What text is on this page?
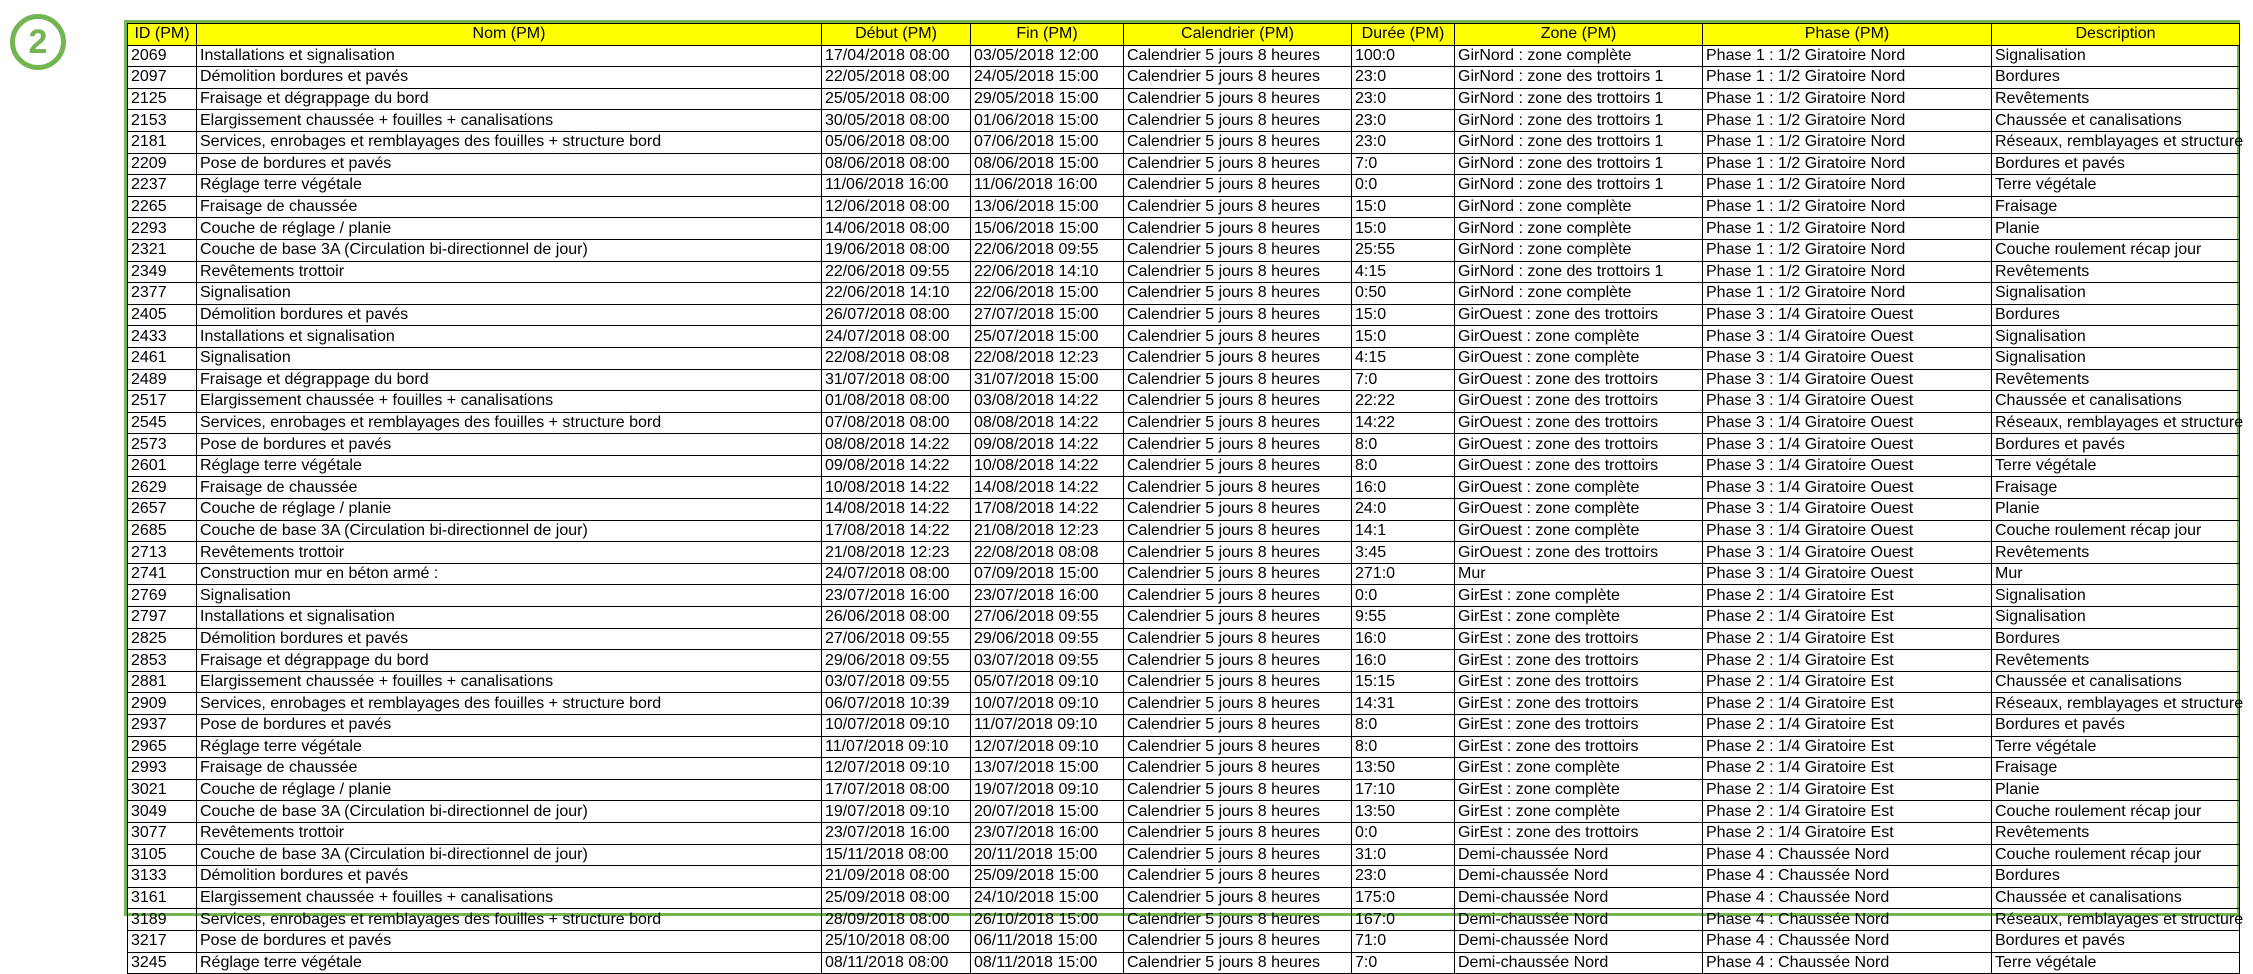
2	ID (PM)	Nom (PM)	Début (PM)	Fin (PM)	Calendrier (PM)	Durée (PM)	Zone (PM)	Phase (PM)	Description
2069	Installations et signalisation	17/04/2018 08:00	03/05/2018 12:00	Calendrier 5 jours 8 heures	100:0	GirNord : zone complète	Phase 1 : 1/2 Giratoire Nord	Signalisation
2097	Démolition bordures et pavés	22/05/2018 08:00	24/05/2018 15:00	Calendrier 5 jours 8 heures	23:0	GirNord : zone des trottoirs 1	Phase 1 : 1/2 Giratoire Nord	Bordures
2125	Fraisage et dégrappage du bord	25/05/2018 08:00	29/05/2018 15:00	Calendrier 5 jours 8 heures	23:0	GirNord : zone des trottoirs 1	Phase 1 : 1/2 Giratoire Nord	Revêtements
2153	Elargissement chaussée + fouilles + canalisations	30/05/2018 08:00	01/06/2018 15:00	Calendrier 5 jours 8 heures	23:0	GirNord : zone des trottoirs 1	Phase 1 : 1/2 Giratoire Nord	Chaussée et canalisations
2181	Services, enrobages et remblayages des fouilles + structure bord	05/06/2018 08:00	07/06/2018 15:00	Calendrier 5 jours 8 heures	23:0	GirNord : zone des trottoirs 1	Phase 1 : 1/2 Giratoire Nord	Réseaux, remblayages et structure
2209	Pose de bordures et pavés	08/06/2018 08:00	08/06/2018 15:00	Calendrier 5 jours 8 heures	7:0	GirNord : zone des trottoirs 1	Phase 1 : 1/2 Giratoire Nord	Bordures et pavés
2237	Réglage terre végétale	11/06/2018 16:00	11/06/2018 16:00	Calendrier 5 jours 8 heures	0:0	GirNord : zone des trottoirs 1	Phase 1 : 1/2 Giratoire Nord	Terre végétale
2265	Fraisage de chaussée	12/06/2018 08:00	13/06/2018 15:00	Calendrier 5 jours 8 heures	15:0	GirNord : zone complète	Phase 1 : 1/2 Giratoire Nord	Fraisage
2293	Couche de réglage / planie	14/06/2018 08:00	15/06/2018 15:00	Calendrier 5 jours 8 heures	15:0	GirNord : zone complète	Phase 1 : 1/2 Giratoire Nord	Planie
2321	Couche de base 3A (Circulation bi-directionnel de jour)	19/06/2018 08:00	22/06/2018 09:55	Calendrier 5 jours 8 heures	25:55	GirNord : zone complète	Phase 1 : 1/2 Giratoire Nord	Couche roulement récap jour
2349	Revêtements trottoir	22/06/2018 09:55	22/06/2018 14:10	Calendrier 5 jours 8 heures	4:15	GirNord : zone des trottoirs 1	Phase 1 : 1/2 Giratoire Nord	Revêtements
2377	Signalisation	22/06/2018 14:10	22/06/2018 15:00	Calendrier 5 jours 8 heures	0:50	GirNord : zone complète	Phase 1 : 1/2 Giratoire Nord	Signalisation
2405	Démolition bordures et pavés	26/07/2018 08:00	27/07/2018 15:00	Calendrier 5 jours 8 heures	15:0	GirOuest : zone des trottoirs	Phase 3 : 1/4 Giratoire Ouest	Bordures
2433	Installations et signalisation	24/07/2018 08:00	25/07/2018 15:00	Calendrier 5 jours 8 heures	15:0	GirOuest : zone complète	Phase 3 : 1/4 Giratoire Ouest	Signalisation
2461	Signalisation	22/08/2018 08:08	22/08/2018 12:23	Calendrier 5 jours 8 heures	4:15	GirOuest : zone complète	Phase 3 : 1/4 Giratoire Ouest	Signalisation
2489	Fraisage et dégrappage du bord	31/07/2018 08:00	31/07/2018 15:00	Calendrier 5 jours 8 heures	7:0	GirOuest : zone des trottoirs	Phase 3 : 1/4 Giratoire Ouest	Revêtements
2517	Elargissement chaussée + fouilles + canalisations	01/08/2018 08:00	03/08/2018 14:22	Calendrier 5 jours 8 heures	22:22	GirOuest : zone des trottoirs	Phase 3 : 1/4 Giratoire Ouest	Chaussée et canalisations
2545	Services, enrobages et remblayages des fouilles + structure bord	07/08/2018 08:00	08/08/2018 14:22	Calendrier 5 jours 8 heures	14:22	GirOuest : zone des trottoirs	Phase 3 : 1/4 Giratoire Ouest	Réseaux, remblayages et structure
2573	Pose de bordures et pavés	08/08/2018 14:22	09/08/2018 14:22	Calendrier 5 jours 8 heures	8:0	GirOuest : zone des trottoirs	Phase 3 : 1/4 Giratoire Ouest	Bordures et pavés
2601	Réglage terre végétale	09/08/2018 14:22	10/08/2018 14:22	Calendrier 5 jours 8 heures	8:0	GirOuest : zone des trottoirs	Phase 3 : 1/4 Giratoire Ouest	Terre végétale
2629	Fraisage de chaussée	10/08/2018 14:22	14/08/2018 14:22	Calendrier 5 jours 8 heures	16:0	GirOuest : zone complète	Phase 3 : 1/4 Giratoire Ouest	Fraisage
2657	Couche de réglage / planie	14/08/2018 14:22	17/08/2018 14:22	Calendrier 5 jours 8 heures	24:0	GirOuest : zone complète	Phase 3 : 1/4 Giratoire Ouest	Planie
2685	Couche de base 3A (Circulation bi-directionnel de jour)	17/08/2018 14:22	21/08/2018 12:23	Calendrier 5 jours 8 heures	14:1	GirOuest : zone complète	Phase 3 : 1/4 Giratoire Ouest	Couche roulement récap jour
2713	Revêtements trottoir	21/08/2018 12:23	22/08/2018 08:08	Calendrier 5 jours 8 heures	3:45	GirOuest : zone des trottoirs	Phase 3 : 1/4 Giratoire Ouest	Revêtements
2741	Construction mur en béton armé :	24/07/2018 08:00	07/09/2018 15:00	Calendrier 5 jours 8 heures	271:0	Mur	Phase 3 : 1/4 Giratoire Ouest	Mur
2769	Signalisation	23/07/2018 16:00	23/07/2018 16:00	Calendrier 5 jours 8 heures	0:0	GirEst : zone complète	Phase 2 : 1/4 Giratoire Est	Signalisation
2797	Installations et signalisation	26/06/2018 08:00	27/06/2018 09:55	Calendrier 5 jours 8 heures	9:55	GirEst : zone complète	Phase 2 : 1/4 Giratoire Est	Signalisation
2825	Démolition bordures et pavés	27/06/2018 09:55	29/06/2018 09:55	Calendrier 5 jours 8 heures	16:0	GirEst : zone des trottoirs	Phase 2 : 1/4 Giratoire Est	Bordures
2853	Fraisage et dégrappage du bord	29/06/2018 09:55	03/07/2018 09:55	Calendrier 5 jours 8 heures	16:0	GirEst : zone des trottoirs	Phase 2 : 1/4 Giratoire Est	Revêtements
2881	Elargissement chaussée + fouilles + canalisations	03/07/2018 09:55	05/07/2018 09:10	Calendrier 5 jours 8 heures	15:15	GirEst : zone des trottoirs	Phase 2 : 1/4 Giratoire Est	Chaussée et canalisations
2909	Services, enrobages et remblayages des fouilles + structure bord	06/07/2018 10:39	10/07/2018 09:10	Calendrier 5 jours 8 heures	14:31	GirEst : zone des trottoirs	Phase 2 : 1/4 Giratoire Est	Réseaux, remblayages et structure
2937	Pose de bordures et pavés	10/07/2018 09:10	11/07/2018 09:10	Calendrier 5 jours 8 heures	8:0	GirEst : zone des trottoirs	Phase 2 : 1/4 Giratoire Est	Bordures et pavés
2965	Réglage terre végétale	11/07/2018 09:10	12/07/2018 09:10	Calendrier 5 jours 8 heures	8:0	GirEst : zone des trottoirs	Phase 2 : 1/4 Giratoire Est	Terre végétale
2993	Fraisage de chaussée	12/07/2018 09:10	13/07/2018 15:00	Calendrier 5 jours 8 heures	13:50	GirEst : zone complète	Phase 2 : 1/4 Giratoire Est	Fraisage
3021	Couche de réglage / planie	17/07/2018 08:00	19/07/2018 09:10	Calendrier 5 jours 8 heures	17:10	GirEst : zone complète	Phase 2 : 1/4 Giratoire Est	Planie
3049	Couche de base 3A (Circulation bi-directionnel de jour)	19/07/2018 09:10	20/07/2018 15:00	Calendrier 5 jours 8 heures	13:50	GirEst : zone complète	Phase 2 : 1/4 Giratoire Est	Couche roulement récap jour
3077	Revêtements trottoir	23/07/2018 16:00	23/07/2018 16:00	Calendrier 5 jours 8 heures	0:0	GirEst : zone des trottoirs	Phase 2 : 1/4 Giratoire Est	Revêtements
3105	Couche de base 3A (Circulation bi-directionnel de jour)	15/11/2018 08:00	20/11/2018 15:00	Calendrier 5 jours 8 heures	31:0	Demi-chaussée Nord	Phase 4 : Chaussée Nord	Couche roulement récap jour
3133	Démolition bordures et pavés	21/09/2018 08:00	25/09/2018 15:00	Calendrier 5 jours 8 heures	23:0	Demi-chaussée Nord	Phase 4 : Chaussée Nord	Bordures
3161	Elargissement chaussée + fouilles + canalisations	25/09/2018 08:00	24/10/2018 15:00	Calendrier 5 jours 8 heures	175:0	Demi-chaussée Nord	Phase 4 : Chaussée Nord	Chaussée et canalisations
3189	Services, enrobages et remblayages des fouilles + structure bord	28/09/2018 08:00	26/10/2018 15:00	Calendrier 5 jours 8 heures	167:0	Demi-chaussée Nord	Phase 4 : Chaussée Nord	Réseaux, remblayages et structure
3217	Pose de bordures et pavés	25/10/2018 08:00	06/11/2018 15:00	Calendrier 5 jours 8 heures	71:0	Demi-chaussée Nord	Phase 4 : Chaussée Nord	Bordures et pavés
3245	Réglage terre végétale	08/11/2018 08:00	08/11/2018 15:00	Calendrier 5 jours 8 heures	7:0	Demi-chaussée Nord	Phase 4 : Chaussée Nord	Terre végétale
